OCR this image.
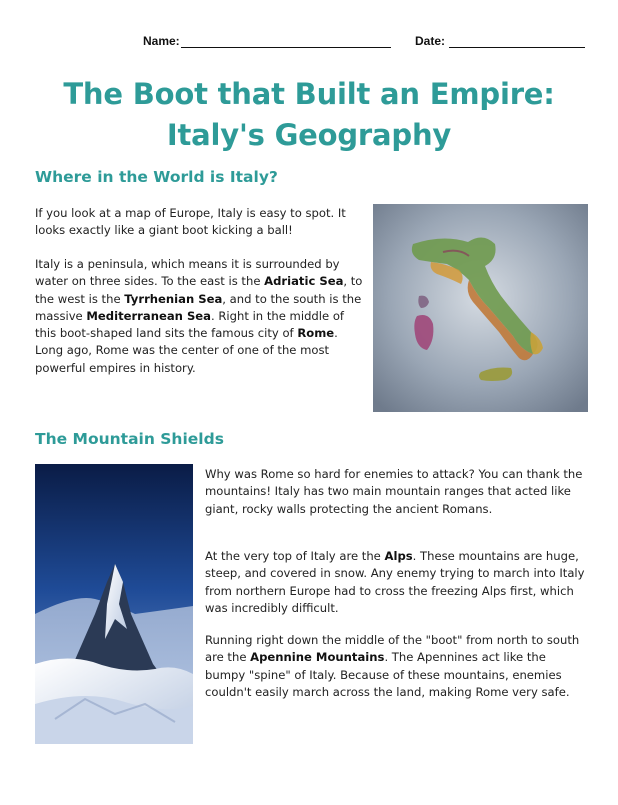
Name:	Date:
The Boot that Built an Empire:
Italy's Geography
Where in the World is Italy?

If you look at a map of Europe, Italy is easy to spot. It looks exactly like a giant boot kicking a ball!

Italy is a peninsula, which means it is surrounded by water on three sides. To the east is the Adriatic Sea, to the west is the Tyrrhenian Sea, and to the south is the massive Mediterranean Sea. Right in the middle of this boot-shaped land sits the famous city of Rome. Long ago, Rome was the center of one of the most powerful empires in history.

The Mountain Shields

Why was Rome so hard for enemies to attack? You can thank the mountains! Italy has two main mountain ranges that acted like giant, rocky walls protecting the ancient Romans.

At the very top of Italy are the Alps. These mountains are huge, steep, and covered in snow. Any enemy trying to march into Italy from northern Europe had to cross the freezing Alps first, which was incredibly difficult.

Running right down the middle of the "boot" from north to south are the Apennine Mountains. The Apennines act like the bumpy "spine" of Italy. Because of these mountains, enemies couldn't easily march across the land, making Rome very safe.
